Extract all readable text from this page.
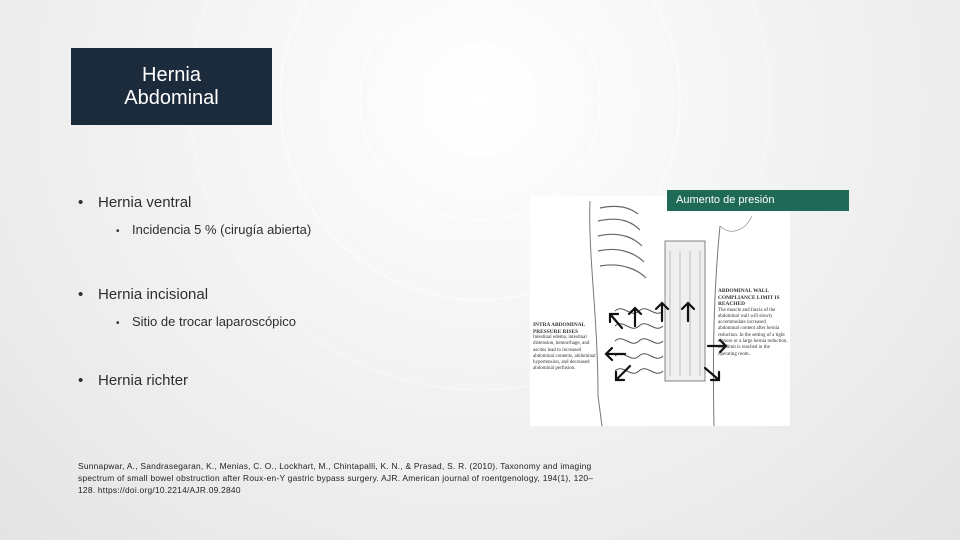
Hernia
Abdominal
• Hernia ventral
• Incidencia 5 % (cirugía abierta)
• Hernia incisional
• Sitio de trocar laparoscópico
• Hernia richter
Sunnapwar, A., Sandrasegaran, K., Menias, C. O., Lockhart, M., Chintapalli, K. N., & Prasad, S. R. (2010). Taxonomy and imaging spectrum of small bowel obstruction after Roux-en-Y gastric bypass surgery. AJR. American journal of roentgenology, 194(1), 120–128. https://doi.org/10.2214/AJR.09.2840
INTRA ABDOMINAL PRESSURE RISES
Intestinal edema, intestinal distension, hemorrhage, and ascites lead to increased abdominal contents, abdominal hypertension, and decreased abdominal perfusion.
ABDOMINAL WALL COMPLIANCE LIMIT IS REACHED
The muscle and fascia of the abdominal wall will slowly accommodate increased abdominal content after hernia reduction. In the setting of a tight closure or a large hernia reduction, this limit is reached in the operating room.
Aumento de presión
